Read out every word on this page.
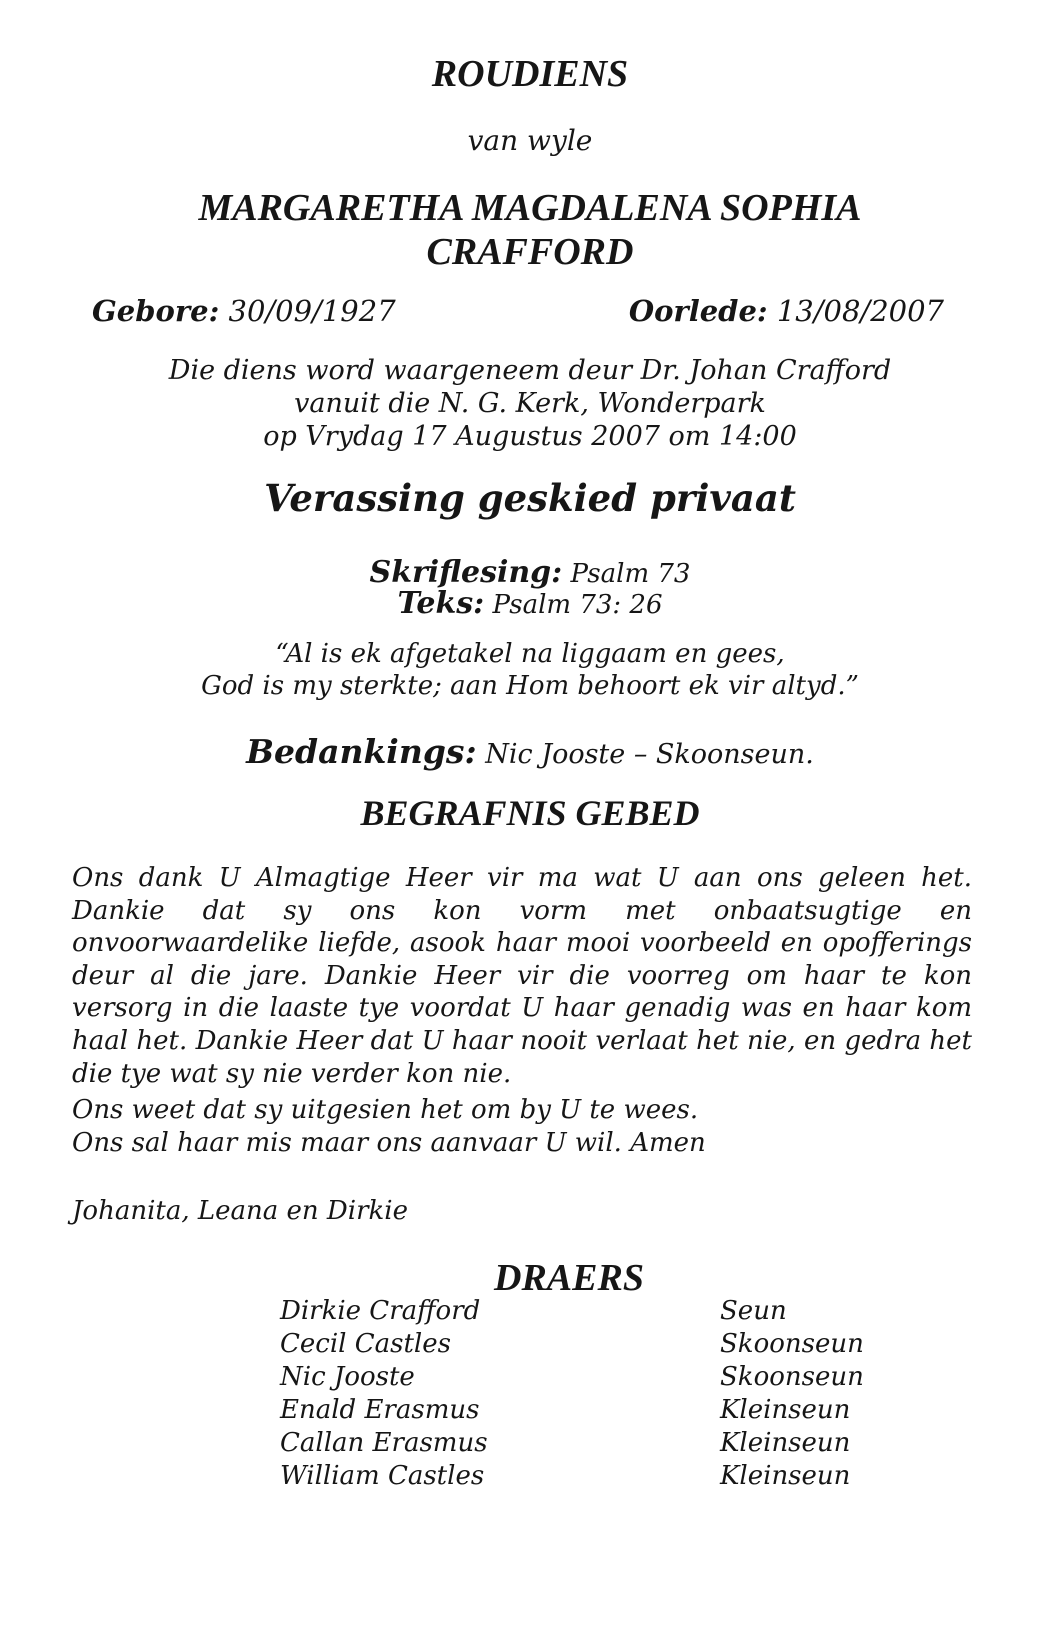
ROUDIENS
van wyle
MARGARETHA MAGDALENA SOPHIA
CRAFFORD
Gebore: 30/09/1927	Oorlede: 13/08/2007
Die diens word waargeneem deur Dr. Johan Crafford
vanuit die N. G. Kerk, Wonderpark
op Vrydag 17 Augustus 2007 om 14:00
Verassing geskied privaat
Skriflesing: Psalm 73
Teks: Psalm 73: 26
“Al is ek afgetakel na liggaam en gees,
God is my sterkte; aan Hom behoort ek vir altyd.”
Bedankings: Nic Jooste – Skoonseun.
BEGRAFNIS GEBED
Ons dank U Almagtige Heer vir ma wat U aan ons geleen het. Dankie dat sy ons kon vorm met onbaatsugtige en onvoorwaardelike liefde, asook haar mooi voorbeeld en opofferings deur al die jare. Dankie Heer vir die voorreg om haar te kon versorg in die laaste tye voordat U haar genadig was en haar kom haal het. Dankie Heer dat U haar nooit verlaat het nie, en gedra het die tye wat sy nie verder kon nie.
Ons weet dat sy uitgesien het om by U te wees.
Ons sal haar mis maar ons aanvaar U wil. Amen
Johanita, Leana en Dirkie
DRAERS
Dirkie Crafford	Seun
Cecil Castles	Skoonseun
Nic Jooste	Skoonseun
Enald Erasmus	Kleinseun
Callan Erasmus	Kleinseun
William Castles	Kleinseun
